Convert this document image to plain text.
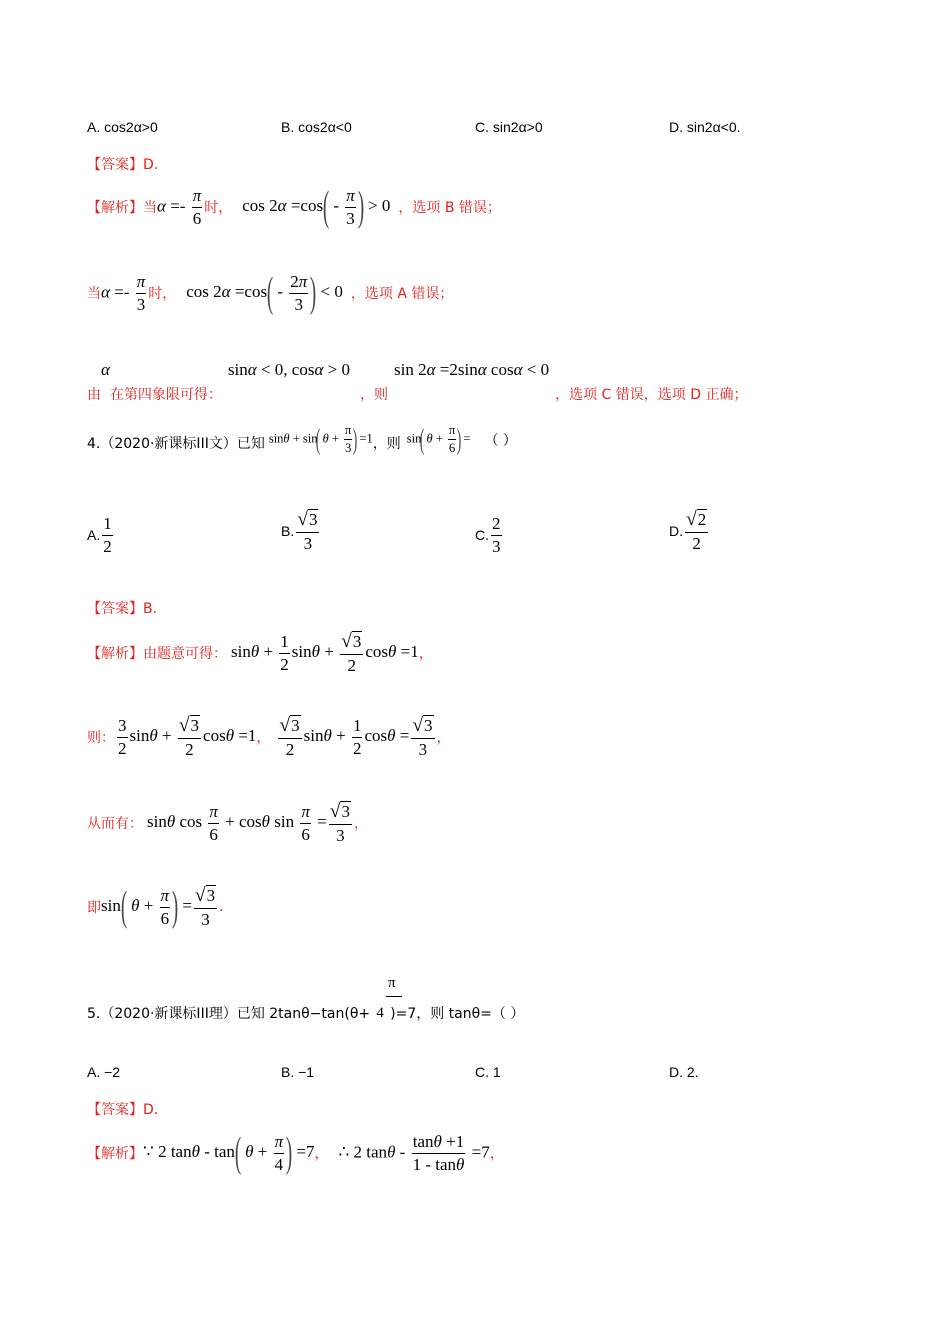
A. cos2α>0	B. cos2α<0	C. sin2α>0	D. sin2α<0.
【答案】D.
【解析】当 $\alpha =- \frac{\pi}{6}$ 时， $\cos 2\alpha =\cos( - \frac{\pi}{3}$ ) > 0 ，选项 B 错误；
当 $\alpha =- \frac{\pi}{3}$ 时， $\cos 2\alpha =\cos( - \frac{2\pi}{3}$ ) < 0 ，选项 A 错误；
由
α
在第四象限可得：
sinα < 0, cosα > 0
，则
sin 2α =2sinα cosα < 0
，选项 C 错误，选项 D 正确；
4.（2020·新课标III文）已知 sinθ + sin( $\theta + \frac{\pi}{3}$ ) =1 ，则 sin( $\theta + \frac{\pi}{6}$ ) = （ ）
A. $\frac{1}{2}$	B. $\frac{√3}{3}$	C. $\frac{2}{3}$	D. $\frac{√2}{2}$
【答案】B.
【解析】由题意可得： $\sin\theta + \frac{1}{2}$ $\sin\theta + \frac{√3}{2}$ cosθ =1 ，
则： $\frac{3}{2}$ $\sin\theta + \frac{√3}{2}$ cosθ =1 ， $\frac{√3}{2}$ $\sin\theta + \frac{1}{2}$ $\cos\theta = \frac{√3}{3}$ ，
从而有： sinθ $\cos \frac{\pi}{6} + \cos\theta$ $\sin \frac{\pi}{6} = \frac{√3}{3}$ ，
即 sin( $\theta + \frac{\pi}{6}$ ) = $\frac{√3}{3}$ .
π
5.（2020·新课标III理）已知 2tanθ−tan(θ+ 4 )=7，则 tanθ=（ ）
A. −2	B. −1	C. 1	D. 2.
【答案】D.
【解析】 ∵ 2 tanθ - tan( $\theta + \frac{\pi}{4}$ ) =7 ， ∴ 2 $\tan\theta - \frac{\tan\theta +1}{1 - \tan\theta} =7$ ，
